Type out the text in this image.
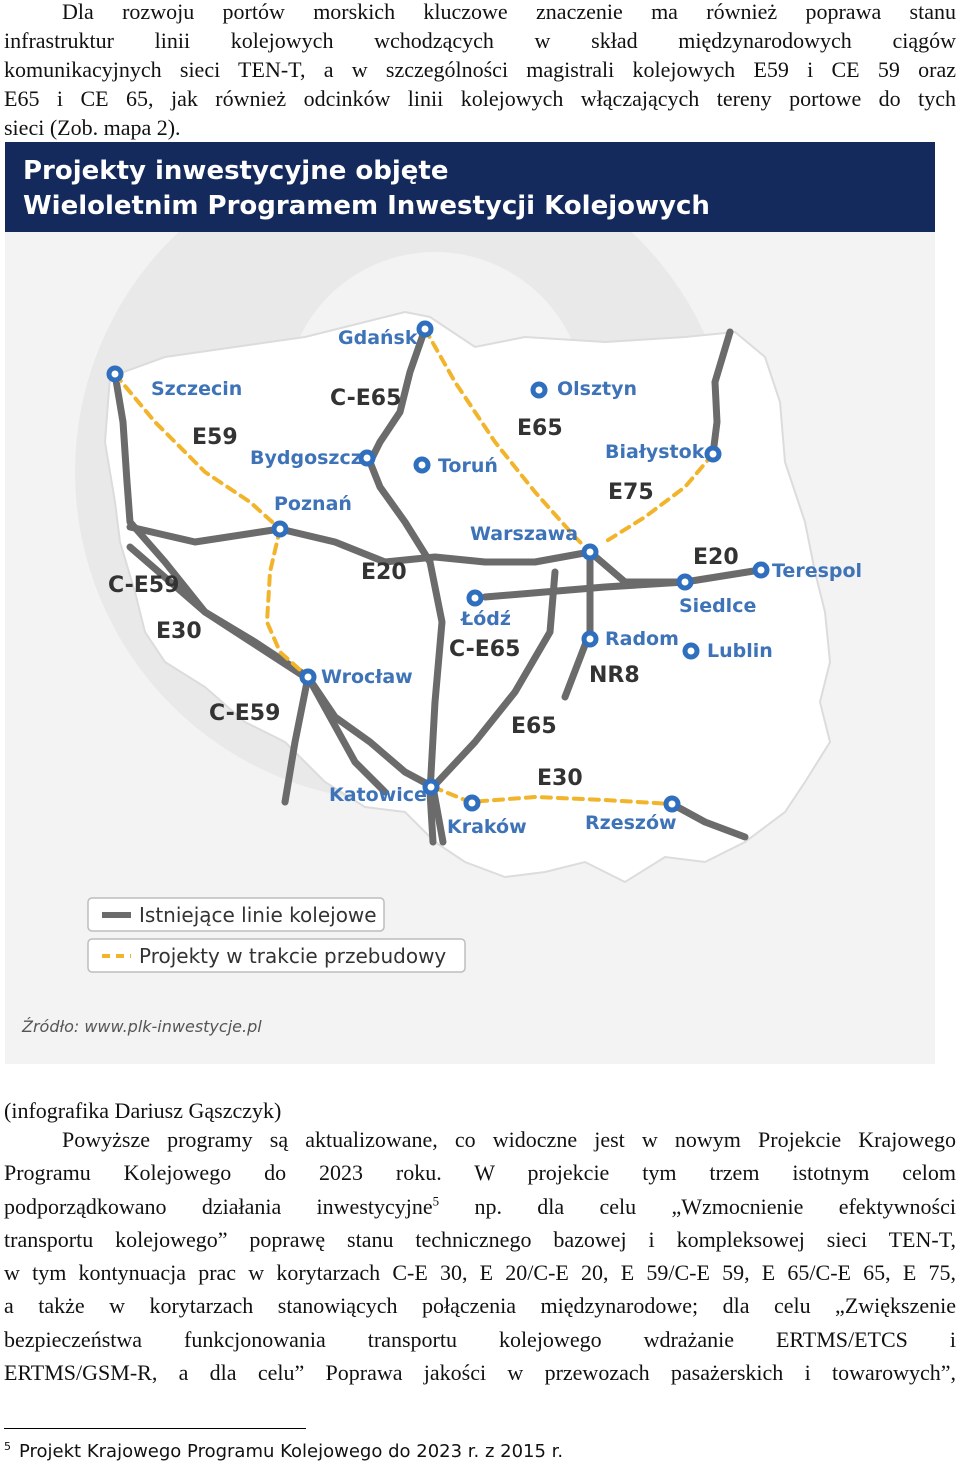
Dla rozwoju portów morskich kluczowe znaczenie ma również poprawa stanu
infrastruktur linii kolejowych wchodzących w skład międzynarodowych ciągów
komunikacyjnych sieci TEN-T, a w szczególności magistrali kolejowych E59 i CE 59 oraz
E65 i CE 65, jak również odcinków linii kolejowych włączających tereny portowe do tych
sieci (Zob. mapa 2).
Projekty inwestycyjne objęte
Wieloletnim Programem Inwestycji Kolejowych
Gdańsk
Szczecin	Olsztyn
Bydgoszcz	Toruń
Białystok
Poznań
Warszawa
Terespol
Siedlce
Łódź
Radom
Lublin
Wrocław
Katowice
Kraków	Rzeszów
C-E65
E59	E65
E75
E20
E20
C-E59
E30
C-E65
NR8
C-E59
E65
E30
Istniejące linie kolejowe
Projekty w trakcie przebudowy
Źródło: www.plk-inwestycje.pl
(infografika Dariusz Gąszczyk)
Powyższe programy są aktualizowane, co widoczne jest w nowym Projekcie Krajowego
Programu Kolejowego do 2023 roku. W projekcie tym trzem istotnym celom
podporządkowano działania inwestycyjne$^5$ np. dla celu „Wzmocnienie efektywności
transportu kolejowego” poprawę stanu technicznego bazowej i kompleksowej sieci TEN-T,
w tym kontynuacja prac w korytarzach C-E 30, E 20/C-E 20, E 59/C-E 59, E 65/C-E 65, E 75,
a także w korytarzach stanowiących połączenia międzynarodowe; dla celu „Zwiększenie
bezpieczeństwa funkcjonowania transportu kolejowego wdrażanie ERTMS/ETCS i
ERTMS/GSM-R, a dla celu” Poprawa jakości w przewozach pasażerskich i towarowych”,
$^5$ Projekt Krajowego Programu Kolejowego do 2023 r. z 2015 r.
